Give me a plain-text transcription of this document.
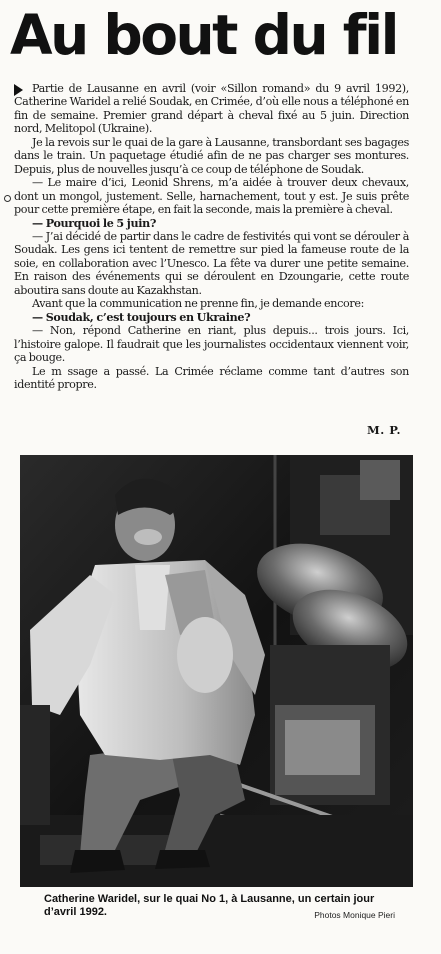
Au bout du fil

Partie de Lausanne en avril (voir «Sillon romand» du 9 avril 1992), Catherine Waridel a relié Soudak, en Crimée, d’où elle nous a téléphoné en fin de semaine. Premier grand départ à cheval fixé au 5 juin. Direction nord, Melitopol (Ukraine).

Je la revois sur le quai de la gare à Lausanne, transbordant ses bagages dans le train. Un paquetage étudié afin de ne pas charger ses montures. Depuis, plus de nouvelles jusqu’à ce coup de téléphone de Soudak.

— Le maire d’ici, Leonid Shrens, m’a aidée à trouver deux chevaux, dont un mongol, justement. Selle, harnachement, tout y est. Je suis prête pour cette première étape, en fait la seconde, mais la première à cheval.

— Pourquoi le 5 juin?

— J’ai décidé de partir dans le cadre de festivités qui vont se dérouler à Soudak. Les gens ici tentent de remettre sur pied la fameuse route de la soie, en collaboration avec l’Unesco. La fête va durer une petite semaine. En raison des événements qui se déroulent en Dzoungarie, cette route aboutira sans doute au Kazakhstan.

Avant que la communication ne prenne fin, je demande encore:

— Soudak, c’est toujours en Ukraine?

— Non, répond Catherine en riant, plus depuis... trois jours. Ici, l’histoire galope. Il faudrait que les journalistes occidentaux viennent voir, ça bouge.

Le m ssage a passé. La Crimée réclame comme tant d’autres son identité propre.

M. P.
Catherine Waridel, sur le quai No 1, à Lausanne, un certain jour d’avril 1992.	Photos Monique Pieri
